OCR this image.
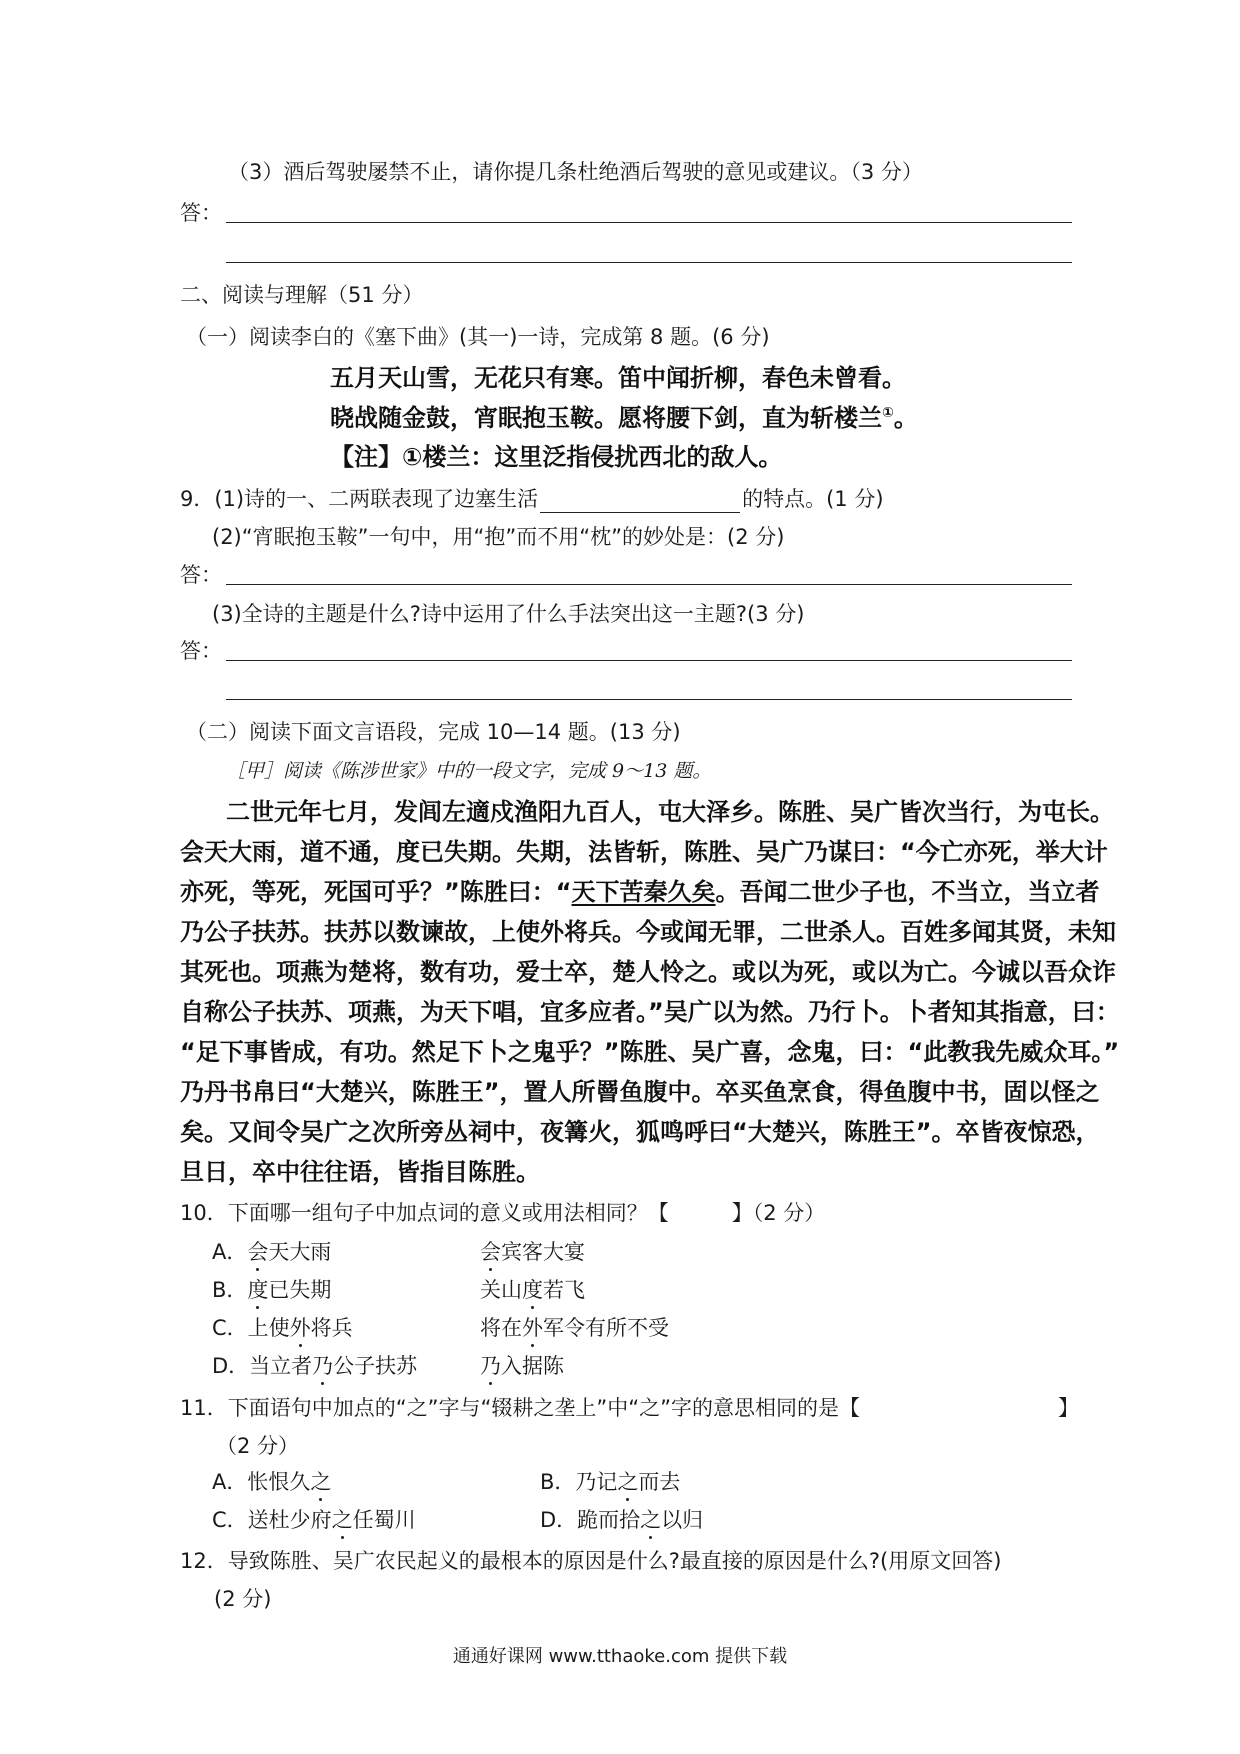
（3）酒后驾驶屡禁不止，请你提几条杜绝酒后驾驶的意见或建议。（3 分）
答：
二、阅读与理解（51 分）
（一）阅读李白的《塞下曲》(其一)一诗，完成第 8 题。(6 分)
五月天山雪，无花只有寒。笛中闻折柳，春色未曾看。
晓战随金鼓，宵眠抱玉鞍。愿将腰下剑，直为斩楼兰①。
【注】①楼兰：这里泛指侵扰西北的敌人。
9．(1)诗的一、二两联表现了边塞生活	的特点。(1 分)
(2)“宵眠抱玉鞍”一句中，用“抱”而不用“枕”的妙处是：(2 分)
答：
(3)全诗的主题是什么?诗中运用了什么手法突出这一主题?(3 分)
答：
（二）阅读下面文言语段，完成 10—14 题。(13 分)
［甲］阅读《陈涉世家》中的一段文字，完成 9～13 题。
二世元年七月，发闾左適戍渔阳九百人，屯大泽乡。陈胜、吴广皆次当行，为屯长。
会天大雨，道不通，度已失期。失期，法皆斩，陈胜、吴广乃谋曰：“今亡亦死，举大计
亦死，等死，死国可乎？”陈胜曰：“天下苦秦久矣。吾闻二世少子也，不当立，当立者
乃公子扶苏。扶苏以数谏故，上使外将兵。今或闻无罪，二世杀人。百姓多闻其贤，未知
其死也。项燕为楚将，数有功，爱士卒，楚人怜之。或以为死，或以为亡。今诚以吾众诈
自称公子扶苏、项燕，为天下唱，宜多应者。”吴广以为然。乃行卜。卜者知其指意，曰：
“足下事皆成，有功。然足下卜之鬼乎？”陈胜、吴广喜，念鬼，曰：“此教我先威众耳。”
乃丹书帛曰“大楚兴，陈胜王”，置人所罾鱼腹中。卒买鱼烹食，得鱼腹中书，固以怪之
矣。又间令吴广之次所旁丛祠中，夜篝火，狐鸣呼曰“大楚兴，陈胜王”。卒皆夜惊恐，
旦日，卒中往往语，皆指目陈胜。
10．下面哪一组句子中加点词的意义或用法相同？【　　　】（2 分）
A．会天大雨	会宾客大宴
B．度已失期	关山度若飞
C．上使外将兵	将在外军令有所不受
D．当立者乃公子扶苏	乃入据陈
11．下面语句中加点的“之”字与“辍耕之垄上”中“之”字的意思相同的是【	】
（2 分）
A．怅恨久之	B．乃记之而去
C．送杜少府之任蜀川	D．跪而拾之以归
12．导致陈胜、吴广农民起义的最根本的原因是什么?最直接的原因是什么?(用原文回答)
(2 分)
通通好课网 www.tthaoke.com 提供下载
